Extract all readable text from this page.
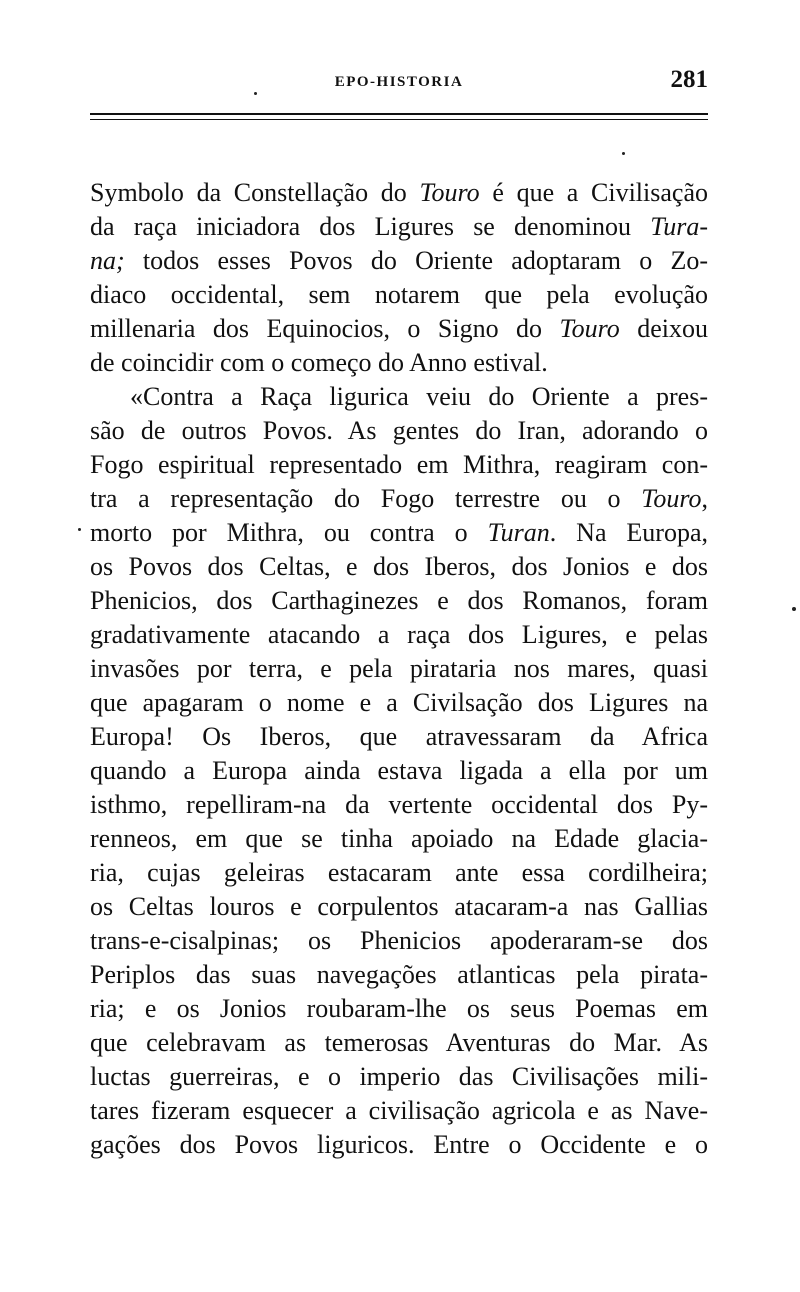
EPO-HISTORIA	281
Symbolo da Constellação do Touro é que a Civilisação
da raça iniciadora dos Ligures se denominou Tura-
na; todos esses Povos do Oriente adoptaram o Zo-
diaco occidental, sem notarem que pela evolução
millenaria dos Equinocios, o Signo do Touro deixou
de coincidir com o começo do Anno estival.
«Contra a Raça ligurica veiu do Oriente a pres-
são de outros Povos. As gentes do Iran, adorando o
Fogo espiritual representado em Mithra, reagiram con-
tra a representação do Fogo terrestre ou o Touro,
morto por Mithra, ou contra o Turan. Na Europa,
os Povos dos Celtas, e dos Iberos, dos Jonios e dos
Phenicios, dos Carthaginezes e dos Romanos, foram
gradativamente atacando a raça dos Ligures, e pelas
invasões por terra, e pela pirataria nos mares, quasi
que apagaram o nome e a Civilsação dos Ligures na
Europa! Os Iberos, que atravessaram da Africa
quando a Europa ainda estava ligada a ella por um
isthmo, repelliram-na da vertente occidental dos Py-
renneos, em que se tinha apoiado na Edade glacia-
ria, cujas geleiras estacaram ante essa cordilheira;
os Celtas louros e corpulentos atacaram-a nas Gallias
trans-e-cisalpinas; os Phenicios apoderaram-se dos
Periplos das suas navegações atlanticas pela pirata-
ria; e os Jonios roubaram-lhe os seus Poemas em
que celebravam as temerosas Aventuras do Mar. As
luctas guerreiras, e o imperio das Civilisações mili-
tares fizeram esquecer a civilisação agricola e as Nave-
gações dos Povos liguricos. Entre o Occidente e o
